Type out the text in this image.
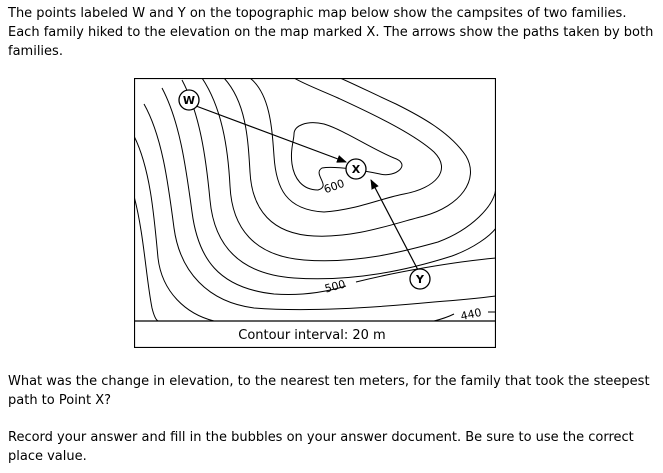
The points labeled W and Y on the topographic map below show the campsites of two families. Each family hiked to the elevation on the map marked X. The arrows show the paths taken by both families.

W
X
Y
600
500
440
Contour interval: 20 m

What was the change in elevation, to the nearest ten meters, for the family that took the steepest path to Point X?

Record your answer and fill in the bubbles on your answer document. Be sure to use the correct place value.
